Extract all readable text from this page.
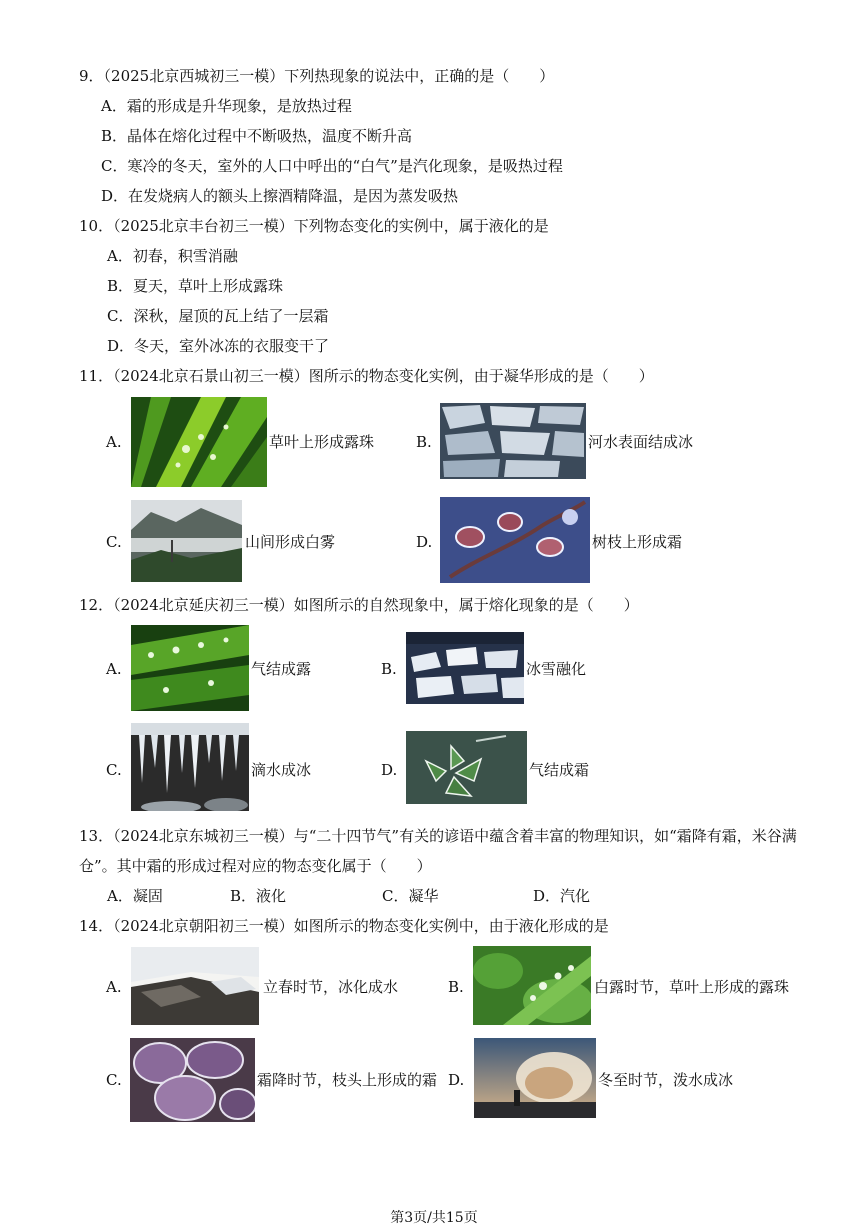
9．（2025北京西城初三一模）下列热现象的说法中，正确的是（　　）
A．霜的形成是升华现象，是放热过程
B．晶体在熔化过程中不断吸热，温度不断升高
C．寒冷的冬天，室外的人口中呼出的“白气”是汽化现象，是吸热过程
D．在发烧病人的额头上擦酒精降温，是因为蒸发吸热
10．（2025北京丰台初三一模）下列物态变化的实例中，属于液化的是
A．初春，积雪消融
B．夏天，草叶上形成露珠
C．深秋，屋顶的瓦上结了一层霜
D．冬天，室外冰冻的衣服变干了
11．（2024北京石景山初三一模）图所示的物态变化实例，由于凝华形成的是（　　）
A.	草叶上形成露珠	B.	河水表面结成冰
C.	山间形成白雾	D.	树枝上形成霜
12．（2024北京延庆初三一模）如图所示的自然现象中，属于熔化现象的是（　　）
A.	气结成露	B.	冰雪融化
C.	滴水成冰	D.	气结成霜
13．（2024北京东城初三一模）与“二十四节气”有关的谚语中蕴含着丰富的物理知识，如“霜降有霜，米谷满
仓”。其中霜的形成过程对应的物态变化属于（　　）
A．凝固	B．液化	C．凝华	D．汽化
14．（2024北京朝阳初三一模）如图所示的物态变化实例中，由于液化形成的是
A.	立春时节，冰化成水	B.	白露时节，草叶上形成的露珠
C.	霜降时节，枝头上形成的霜 D.	冬至时节，泼水成冰
第3页/共15页
